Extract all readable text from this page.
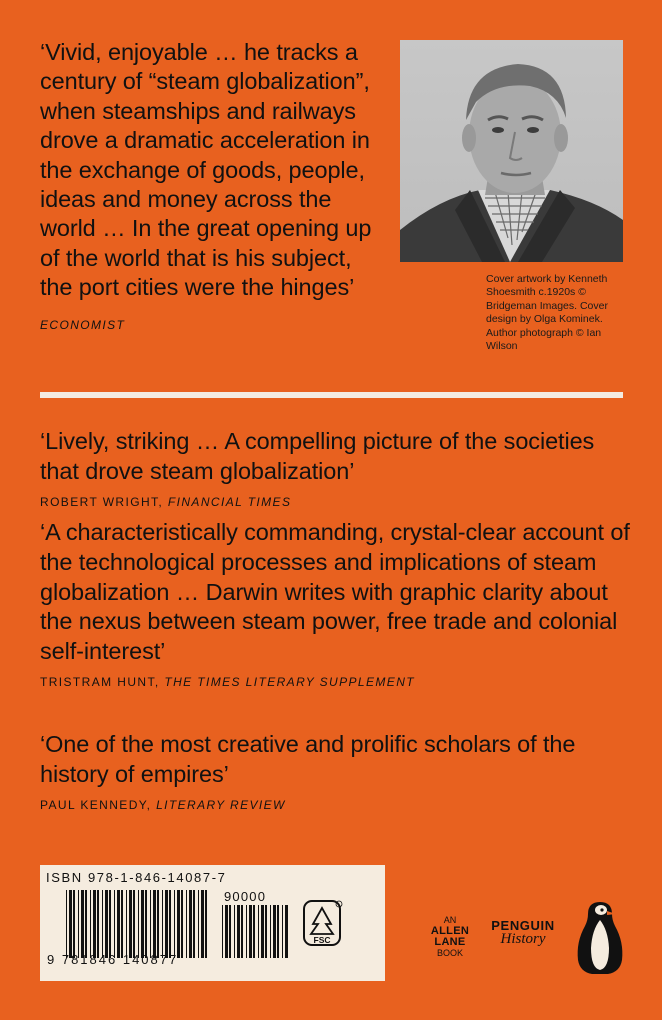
‘Vivid, enjoyable … he tracks a century of “steam globalization”, when steamships and railways drove a dramatic acceleration in the exchange of goods, people, ideas and money across the world … In the great opening up of the world that is his subject, the port cities were the hinges’

ECONOMIST
Cover artwork by Kenneth Shoesmith c.1920s © Bridgeman Images. Cover design by Olga Kominek. Author photograph © Ian Wilson

‘Lively, striking … A compelling picture of the societies that drove steam globalization’

ROBERT WRIGHT, FINANCIAL TIMES

‘A characteristically commanding, crystal-clear account of the technological processes and implications of steam globalization … Darwin writes with graphic clarity about the nexus between steam power, free trade and colonial self-interest’

TRISTRAM HUNT, THE TIMES LITERARY SUPPLEMENT

‘One of the most creative and prolific scholars of the history of empires’

PAUL KENNEDY, LITERARY REVIEW
ISBN 978-1-846-14087-7
90000
9 781846 140877
FSC
AN
ALLEN
LANE
BOOK
PENGUIN
History
